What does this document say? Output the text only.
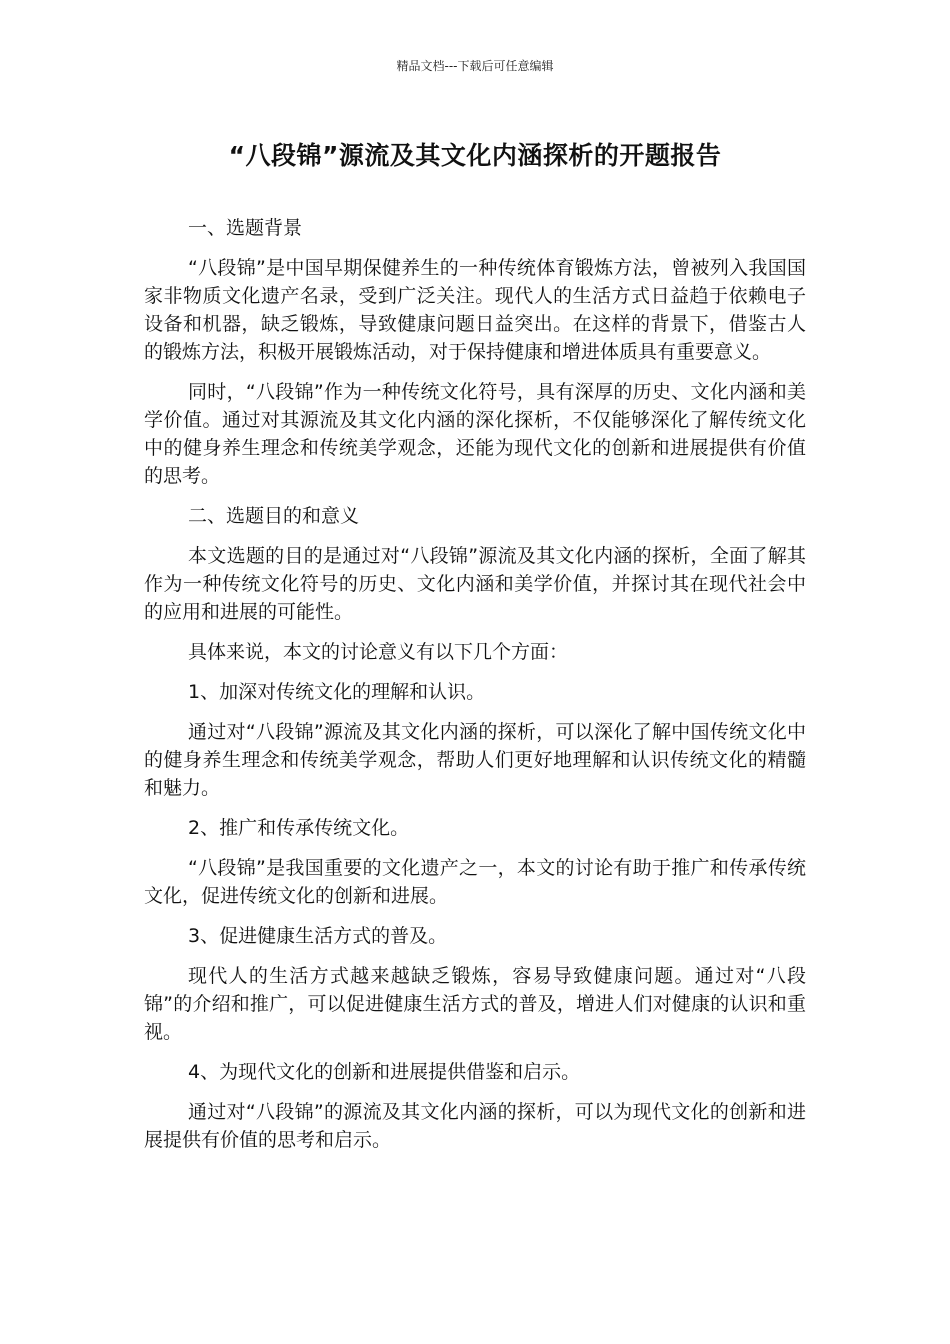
精品文档---下载后可任意编辑
“八段锦”源流及其文化内涵探析的开题报告

一、选题背景

“八段锦”是中国早期保健养生的一种传统体育锻炼方法，曾被列入我国国家非物质文化遗产名录，受到广泛关注。现代人的生活方式日益趋于依赖电子设备和机器，缺乏锻炼，导致健康问题日益突出。在这样的背景下，借鉴古人的锻炼方法，积极开展锻炼活动，对于保持健康和增进体质具有重要意义。

同时，“八段锦”作为一种传统文化符号，具有深厚的历史、文化内涵和美学价值。通过对其源流及其文化内涵的深化探析，不仅能够深化了解传统文化中的健身养生理念和传统美学观念，还能为现代文化的创新和进展提供有价值的思考。

二、选题目的和意义

本文选题的目的是通过对“八段锦”源流及其文化内涵的探析，全面了解其作为一种传统文化符号的历史、文化内涵和美学价值，并探讨其在现代社会中的应用和进展的可能性。

具体来说，本文的讨论意义有以下几个方面：

1、加深对传统文化的理解和认识。

通过对“八段锦”源流及其文化内涵的探析，可以深化了解中国传统文化中的健身养生理念和传统美学观念，帮助人们更好地理解和认识传统文化的精髓和魅力。

2、推广和传承传统文化。

“八段锦”是我国重要的文化遗产之一，本文的讨论有助于推广和传承传统文化，促进传统文化的创新和进展。

3、促进健康生活方式的普及。

现代人的生活方式越来越缺乏锻炼，容易导致健康问题。通过对“八段锦”的介绍和推广，可以促进健康生活方式的普及，增进人们对健康的认识和重视。

4、为现代文化的创新和进展提供借鉴和启示。

通过对“八段锦”的源流及其文化内涵的探析，可以为现代文化的创新和进展提供有价值的思考和启示。
